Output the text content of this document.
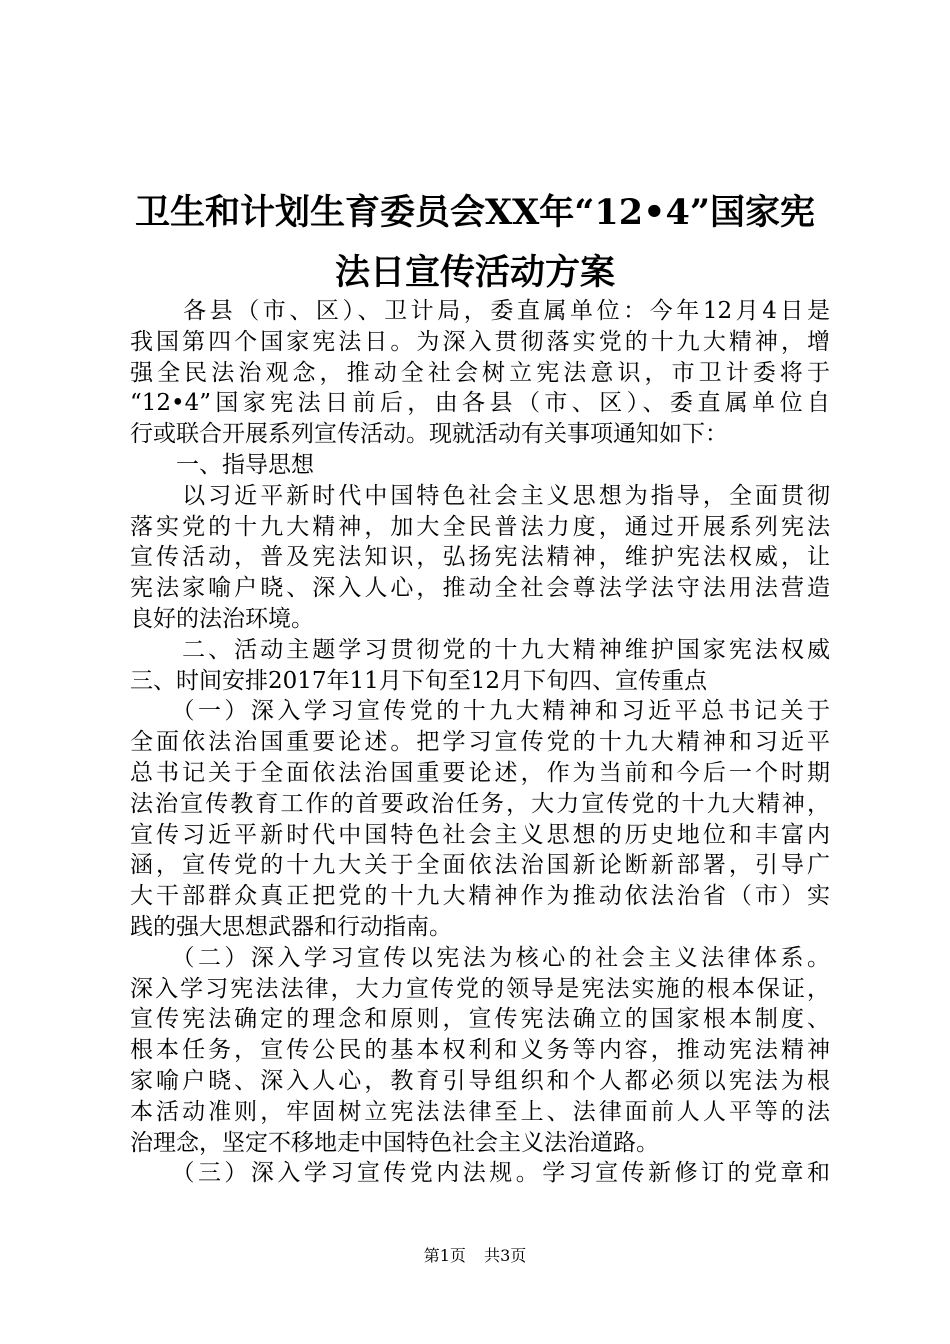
卫生和计划生育委员会XX年“12•4”国家宪
法日宣传活动方案
　　各县（市、区）、卫计局，委直属单位：今年12月4日是
我国第四个国家宪法日。为深入贯彻落实党的十九大精神，增
强全民法治观念，推动全社会树立宪法意识，市卫计委将于
“12•4”国家宪法日前后，由各县（市、区）、委直属单位自
行或联合开展系列宣传活动。现就活动有关事项通知如下：
　　一、指导思想
　　以习近平新时代中国特色社会主义思想为指导，全面贯彻
落实党的十九大精神，加大全民普法力度，通过开展系列宪法
宣传活动，普及宪法知识，弘扬宪法精神，维护宪法权威，让
宪法家喻户晓、深入人心，推动全社会尊法学法守法用法营造
良好的法治环境。
　　二、活动主题学习贯彻党的十九大精神维护国家宪法权威
三、时间安排2017年11月下旬至12月下旬四、宣传重点
　　（一）深入学习宣传党的十九大精神和习近平总书记关于
全面依法治国重要论述。把学习宣传党的十九大精神和习近平
总书记关于全面依法治国重要论述，作为当前和今后一个时期
法治宣传教育工作的首要政治任务，大力宣传党的十九大精神，
宣传习近平新时代中国特色社会主义思想的历史地位和丰富内
涵，宣传党的十九大关于全面依法治国新论断新部署，引导广
大干部群众真正把党的十九大精神作为推动依法治省（市）实
践的强大思想武器和行动指南。
　　（二）深入学习宣传以宪法为核心的社会主义法律体系。
深入学习宪法法律，大力宣传党的领导是宪法实施的根本保证，
宣传宪法确定的理念和原则，宣传宪法确立的国家根本制度、
根本任务，宣传公民的基本权利和义务等内容，推动宪法精神
家喻户晓、深入人心，教育引导组织和个人都必须以宪法为根
本活动准则，牢固树立宪法法律至上、法律面前人人平等的法
治理念，坚定不移地走中国特色社会主义法治道路。
　　（三）深入学习宣传党内法规。学习宣传新修订的党章和
第1页 共3页
